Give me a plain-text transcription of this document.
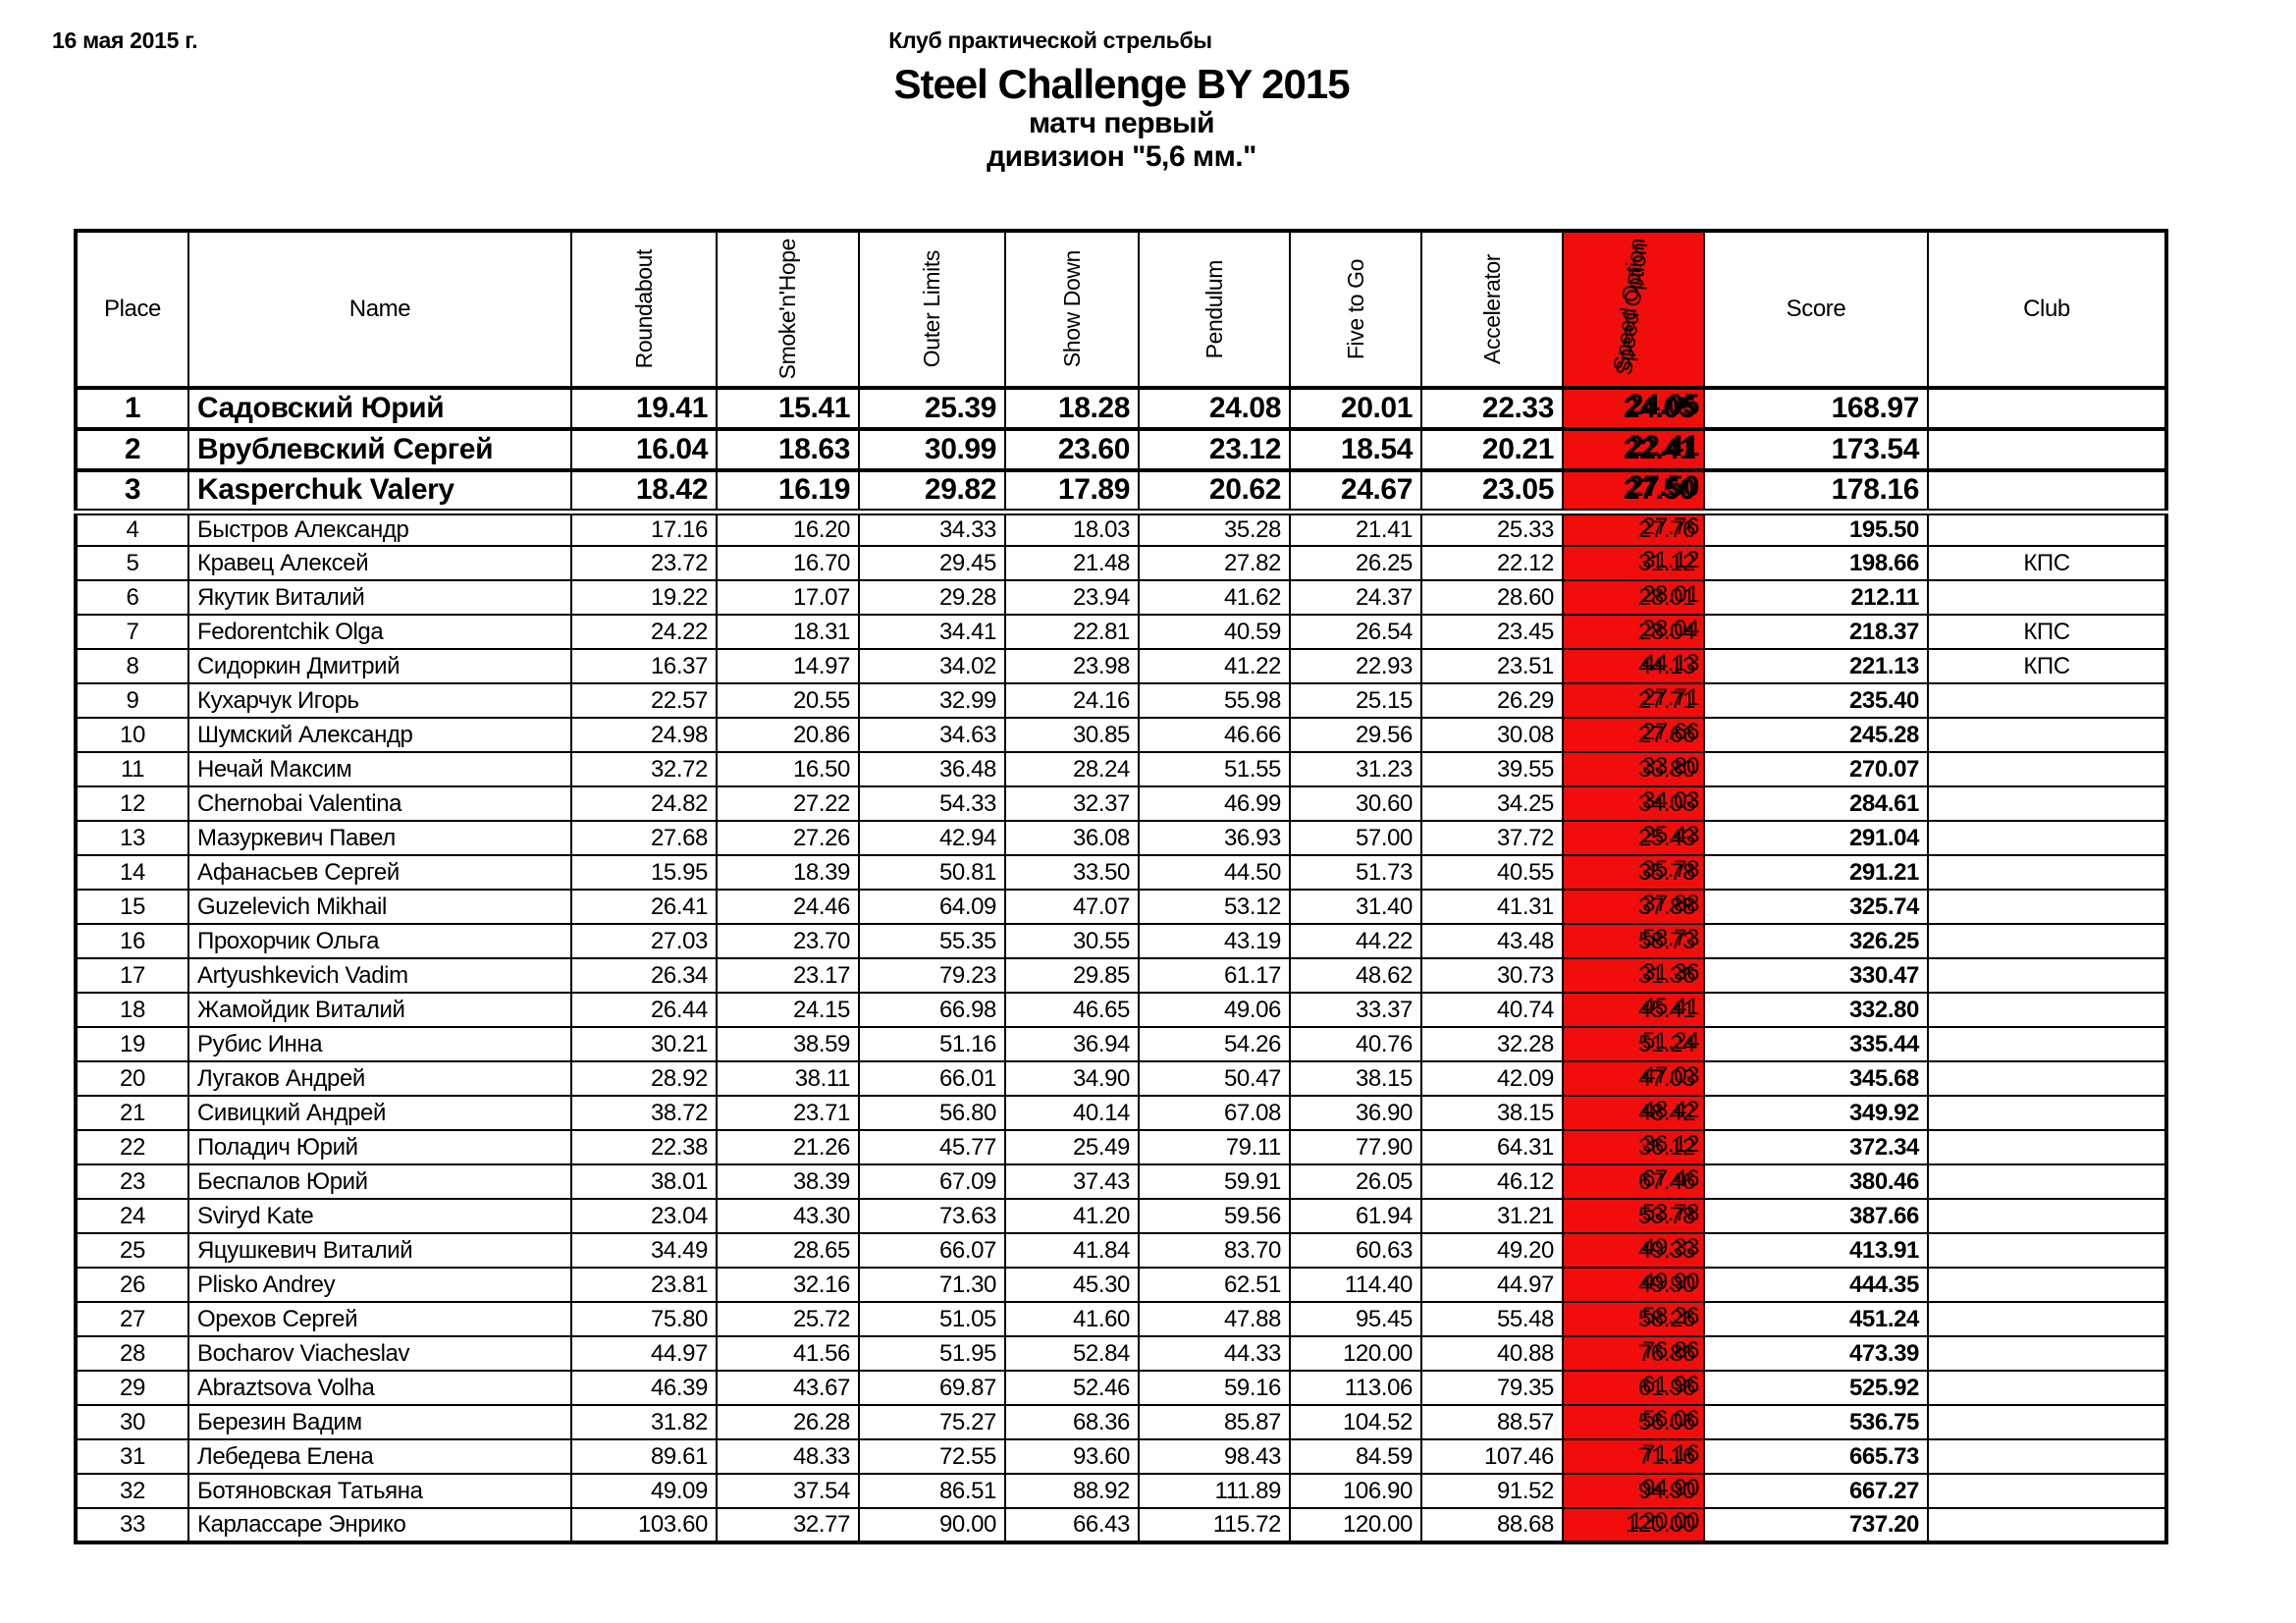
16 мая 2015 г.	Клуб практической стрельбы
Steel Challenge BY 2015
матч первый
дивизион "5,6 мм."
Place	Name	Roundabout	Smoke'n'Hope	Outer Limits	Show Down	Pendulum	Five to Go	Accelerator	Speed Option	Score	Club
1	Садовский Юрий	19.41	15.41	25.39	18.28	24.08	20.01	22.33	24.05	168.97	
2	Врублевский Сергей	16.04	18.63	30.99	23.60	23.12	18.54	20.21	22.41	173.54	
3	Kasperchuk Valery	18.42	16.19	29.82	17.89	20.62	24.67	23.05	27.50	178.16	
4	Быстров Александр	17.16	16.20	34.33	18.03	35.28	21.41	25.33	27.76	195.50	
5	Кравец Алексей	23.72	16.70	29.45	21.48	27.82	26.25	22.12	31.12	198.66	КПС
6	Якутик Виталий	19.22	17.07	29.28	23.94	41.62	24.37	28.60	28.01	212.11	
7	Fedorentchik Olga	24.22	18.31	34.41	22.81	40.59	26.54	23.45	28.04	218.37	КПС
8	Сидоркин Дмитрий	16.37	14.97	34.02	23.98	41.22	22.93	23.51	44.13	221.13	КПС
9	Кухарчук Игорь	22.57	20.55	32.99	24.16	55.98	25.15	26.29	27.71	235.40	
10	Шумский Александр	24.98	20.86	34.63	30.85	46.66	29.56	30.08	27.66	245.28	
11	Нечай Максим	32.72	16.50	36.48	28.24	51.55	31.23	39.55	33.80	270.07	
12	Chernobai Valentina	24.82	27.22	54.33	32.37	46.99	30.60	34.25	34.03	284.61	
13	Мазуркевич Павел	27.68	27.26	42.94	36.08	36.93	57.00	37.72	25.43	291.04	
14	Афанасьев Сергей	15.95	18.39	50.81	33.50	44.50	51.73	40.55	35.78	291.21	
15	Guzelevich Mikhail	26.41	24.46	64.09	47.07	53.12	31.40	41.31	37.88	325.74	
16	Прохорчик Ольга	27.03	23.70	55.35	30.55	43.19	44.22	43.48	58.73	326.25	
17	Artyushkevich Vadim	26.34	23.17	79.23	29.85	61.17	48.62	30.73	31.36	330.47	
18	Жамойдик Виталий	26.44	24.15	66.98	46.65	49.06	33.37	40.74	45.41	332.80	
19	Рубис Инна	30.21	38.59	51.16	36.94	54.26	40.76	32.28	51.24	335.44	
20	Лугаков Андрей	28.92	38.11	66.01	34.90	50.47	38.15	42.09	47.03	345.68	
21	Сивицкий Андрей	38.72	23.71	56.80	40.14	67.08	36.90	38.15	48.42	349.92	
22	Поладич Юрий	22.38	21.26	45.77	25.49	79.11	77.90	64.31	36.12	372.34	
23	Беспалов Юрий	38.01	38.39	67.09	37.43	59.91	26.05	46.12	67.46	380.46	
24	Sviryd Kate	23.04	43.30	73.63	41.20	59.56	61.94	31.21	53.78	387.66	
25	Яцушкевич Виталий	34.49	28.65	66.07	41.84	83.70	60.63	49.20	49.33	413.91	
26	Plisko Andrey	23.81	32.16	71.30	45.30	62.51	114.40	44.97	49.90	444.35	
27	Орехов Сергей	75.80	25.72	51.05	41.60	47.88	95.45	55.48	58.26	451.24	
28	Bocharov Viacheslav	44.97	41.56	51.95	52.84	44.33	120.00	40.88	76.86	473.39	
29	Abraztsova Volha	46.39	43.67	69.87	52.46	59.16	113.06	79.35	61.96	525.92	
30	Березин Вадим	31.82	26.28	75.27	68.36	85.87	104.52	88.57	56.06	536.75	
31	Лебедева Елена	89.61	48.33	72.55	93.60	98.43	84.59	107.46	71.16	665.73	
32	Ботяновская Татьяна	49.09	37.54	86.51	88.92	111.89	106.90	91.52	94.90	667.27	
33	Карлассаре Энрико	103.60	32.77	90.00	66.43	115.72	120.00	88.68	120.00	737.20	
